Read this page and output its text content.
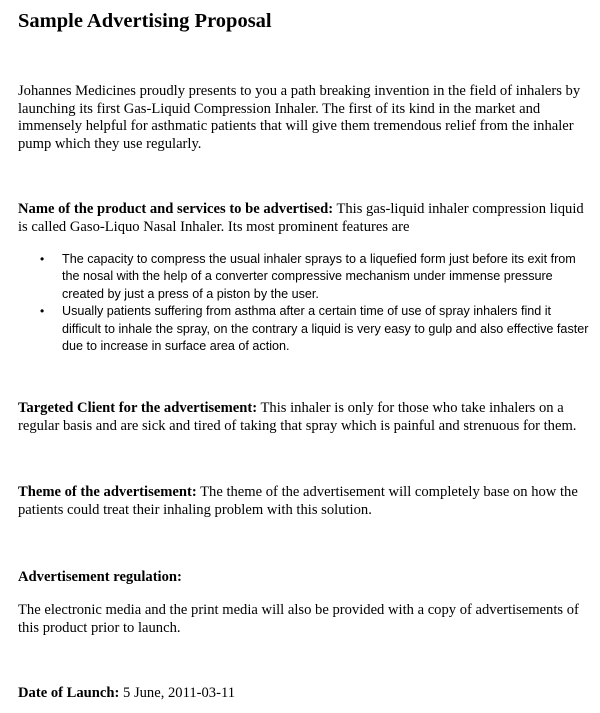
Sample Advertising Proposal

Johannes Medicines proudly presents to you a path breaking invention in the field of inhalers by launching its first Gas-Liquid Compression Inhaler. The first of its kind in the market and immensely helpful for asthmatic patients that will give them tremendous relief from the inhaler pump which they use regularly.

Name of the product and services to be advertised: This gas-liquid inhaler compression liquid is called Gaso-Liquo Nasal Inhaler. Its most prominent features are

• The capacity to compress the usual inhaler sprays to a liquefied form just before its exit from the nosal with the help of a converter compressive mechanism under immense pressure created by just a press of a piston by the user.
• Usually patients suffering from asthma after a certain time of use of spray inhalers find it difficult to inhale the spray, on the contrary a liquid is very easy to gulp and also effective faster due to increase in surface area of action.

Targeted Client for the advertisement: This inhaler is only for those who take inhalers on a regular basis and are sick and tired of taking that spray which is painful and strenuous for them.

Theme of the advertisement: The theme of the advertisement will completely base on how the patients could treat their inhaling problem with this solution.

Advertisement regulation:

The electronic media and the print media will also be provided with a copy of advertisements of this product prior to launch.

Date of Launch: 5 June, 2011-03-11
